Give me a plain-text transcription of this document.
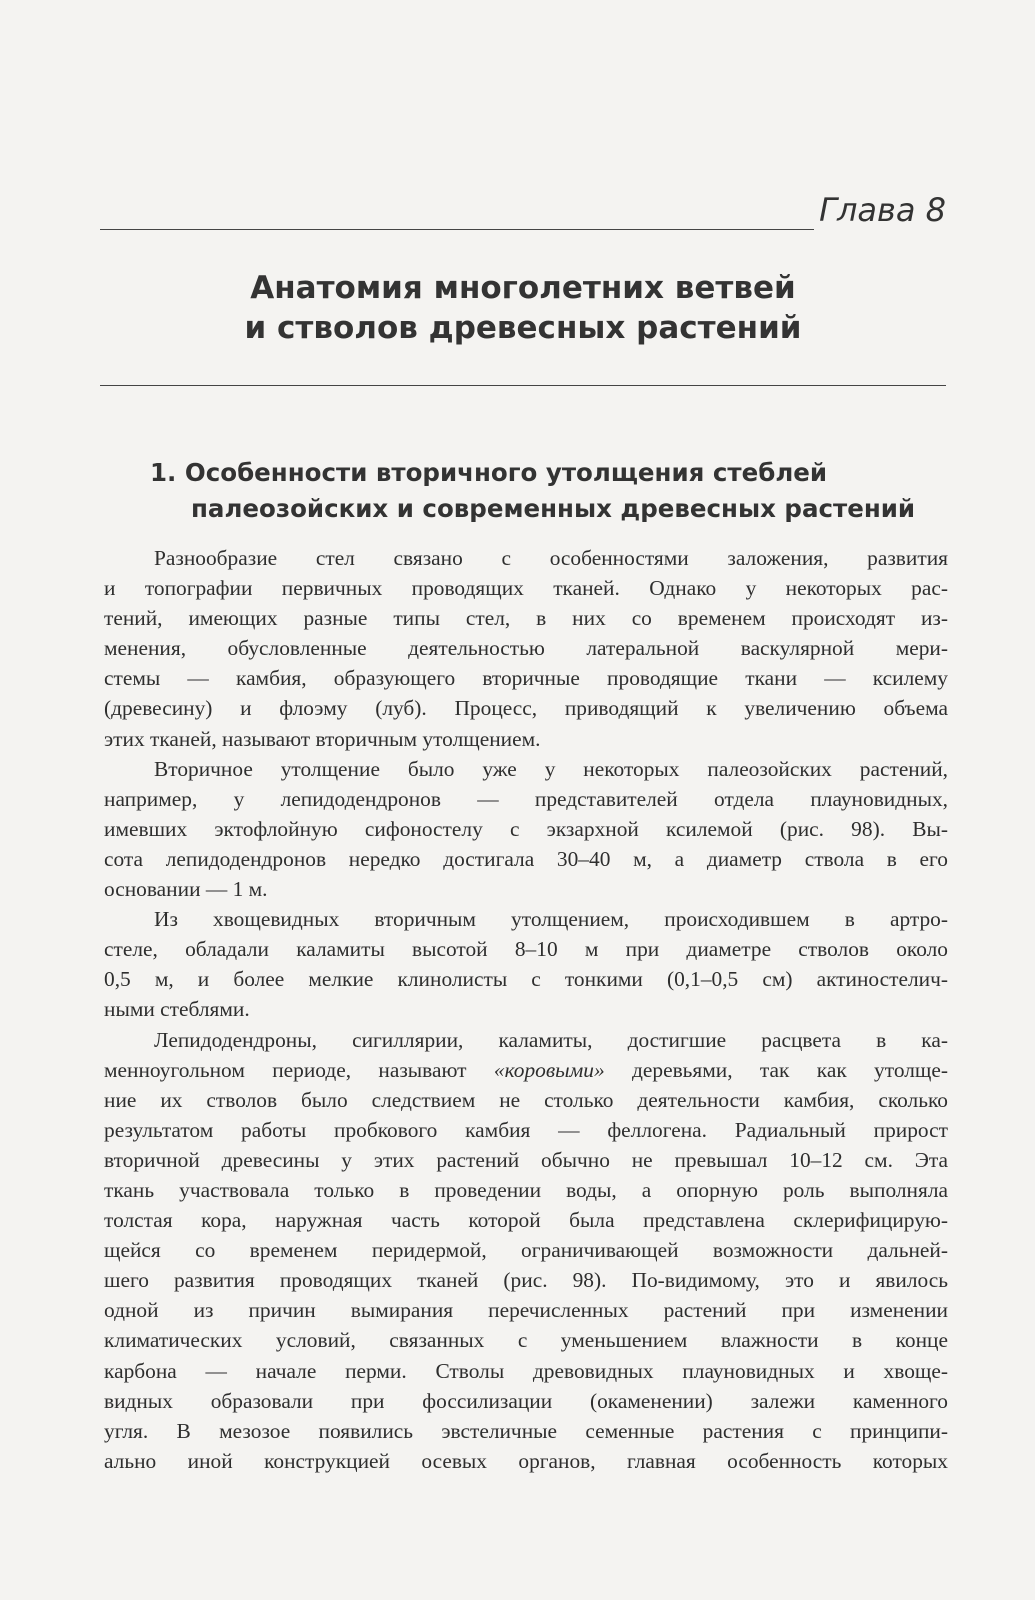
Глава 8
Анатомия многолетних ветвей
и стволов древесных растений
1. Особенности вторичного утолщения стеблей
палеозойских и современных древесных растений
Разнообразие стел связано с особенностями заложения, развития
и топографии первичных проводящих тканей. Однако у некоторых рас-
тений, имеющих разные типы стел, в них со временем происходят из-
менения, обусловленные деятельностью латеральной васкулярной мери-
стемы — камбия, образующего вторичные проводящие ткани — ксилему
(древесину) и флоэму (луб). Процесс, приводящий к увеличению объема
этих тканей, называют вторичным утолщением.
Вторичное утолщение было уже у некоторых палеозойских растений,
например, у лепидодендронов — представителей отдела плауновидных,
имевших эктофлойную сифоностелу с экзархной ксилемой (рис. 98). Вы-
сота лепидодендронов нередко достигала 30–40 м, а диаметр ствола в его
основании — 1 м.
Из хвощевидных вторичным утолщением, происходившем в артро-
стеле, обладали каламиты высотой 8–10 м при диаметре стволов около
0,5 м, и более мелкие клинолисты с тонкими (0,1–0,5 см) актиностелич-
ными стеблями.
Лепидодендроны, сигиллярии, каламиты, достигшие расцвета в ка-
менноугольном периоде, называют «коровыми» деревьями, так как утолще-
ние их стволов было следствием не столько деятельности камбия, сколько
результатом работы пробкового камбия — феллогена. Радиальный прирост
вторичной древесины у этих растений обычно не превышал 10–12 см. Эта
ткань участвовала только в проведении воды, а опорную роль выполняла
толстая кора, наружная часть которой была представлена склерифицирую-
щейся со временем перидермой, ограничивающей возможности дальней-
шего развития проводящих тканей (рис. 98). По-видимому, это и явилось
одной из причин вымирания перечисленных растений при изменении
климатических условий, связанных с уменьшением влажности в конце
карбона — начале перми. Стволы древовидных плауновидных и хвоще-
видных образовали при фоссилизации (окаменении) залежи каменного
угля. В мезозое появились эвстеличные семенные растения с принципи-
ально иной конструкцией осевых органов, главная особенность которых
